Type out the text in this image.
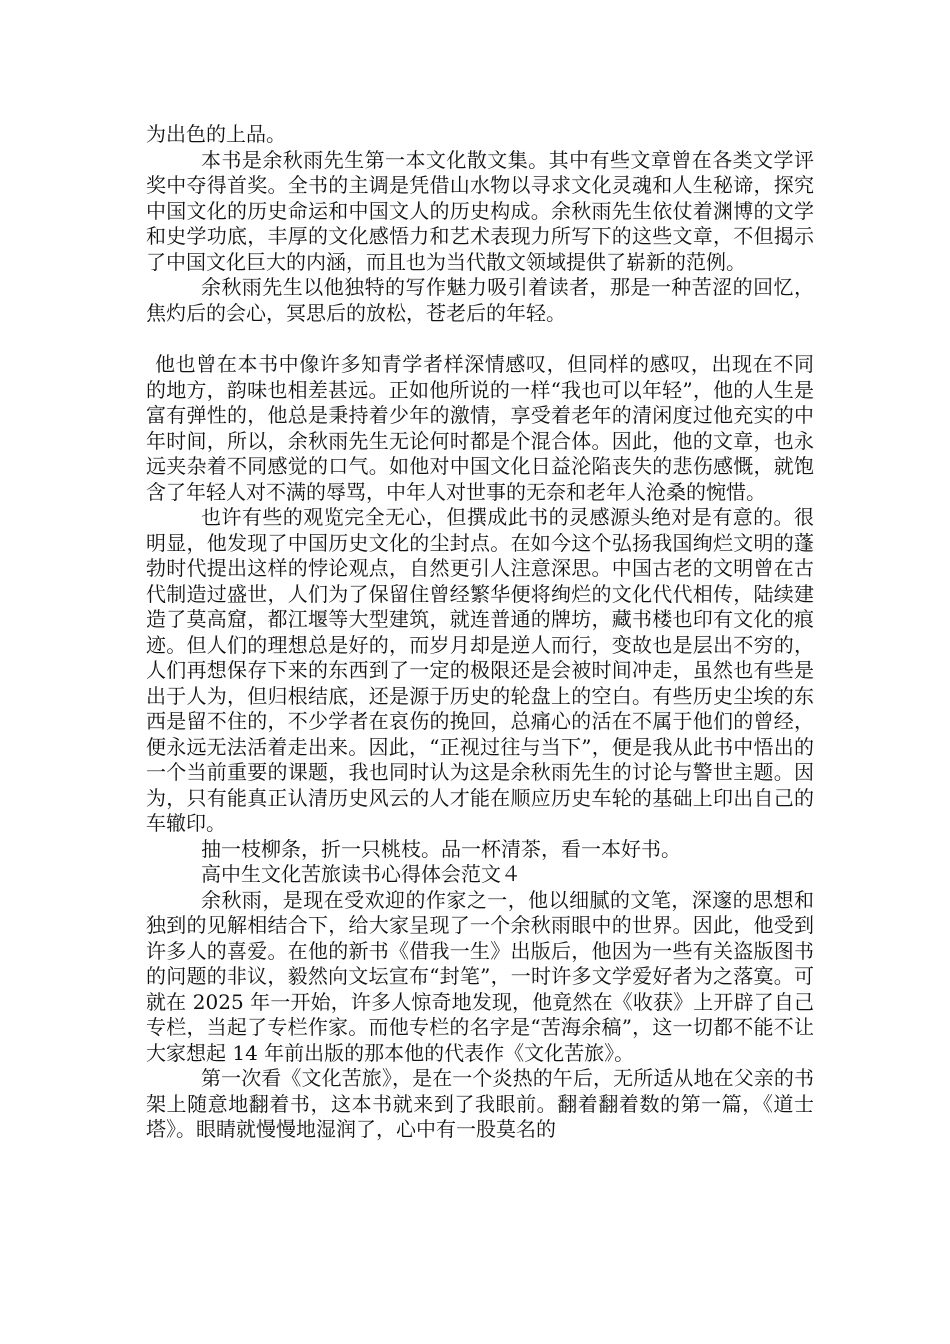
为出色的上品。

本书是余秋雨先生第一本文化散文集。其中有些文章曾在各类文学评奖中夺得首奖。全书的主调是凭借山水物以寻求文化灵魂和人生秘谛，探究中国文化的历史命运和中国文人的历史构成。余秋雨先生依仗着渊博的文学和史学功底，丰厚的文化感悟力和艺术表现力所写下的这些文章，不但揭示了中国文化巨大的内涵，而且也为当代散文领域提供了崭新的范例。

余秋雨先生以他独特的写作魅力吸引着读者，那是一种苦涩的回忆，焦灼后的会心，冥思后的放松，苍老后的年轻。

他也曾在本书中像许多知青学者样深情感叹，但同样的感叹，出现在不同的地方，韵味也相差甚远。正如他所说的一样“我也可以年轻”，他的人生是富有弹性的，他总是秉持着少年的激情，享受着老年的清闲度过他充实的中年时间，所以，余秋雨先生无论何时都是个混合体。因此，他的文章，也永远夹杂着不同感觉的口气。如他对中国文化日益沦陷丧失的悲伤感慨，就饱含了年轻人对不满的辱骂，中年人对世事的无奈和老年人沧桑的惋惜。

也许有些的观览完全无心，但撰成此书的灵感源头绝对是有意的。很明显，他发现了中国历史文化的尘封点。在如今这个弘扬我国绚烂文明的蓬勃时代提出这样的悖论观点，自然更引人注意深思。中国古老的文明曾在古代制造过盛世，人们为了保留住曾经繁华便将绚烂的文化代代相传，陆续建造了莫高窟，都江堰等大型建筑，就连普通的牌坊，藏书楼也印有文化的痕迹。但人们的理想总是好的，而岁月却是逆人而行，变故也是层出不穷的，人们再想保存下来的东西到了一定的极限还是会被时间冲走，虽然也有些是出于人为，但归根结底，还是源于历史的轮盘上的空白。有些历史尘埃的东西是留不住的，不少学者在哀伤的挽回，总痛心的活在不属于他们的曾经，便永远无法活着走出来。因此，“正视过往与当下”，便是我从此书中悟出的一个当前重要的课题，我也同时认为这是余秋雨先生的讨论与警世主题。因为，只有能真正认清历史风云的人才能在顺应历史车轮的基础上印出自己的车辙印。

抽一枝柳条，折一只桃枝。品一杯清茶，看一本好书。

高中生文化苦旅读书心得体会范文４

余秋雨，是现在受欢迎的作家之一，他以细腻的文笔，深邃的思想和独到的见解相结合下，给大家呈现了一个余秋雨眼中的世界。因此，他受到许多人的喜爱。在他的新书《借我一生》出版后，他因为一些有关盗版图书的问题的非议，毅然向文坛宣布“封笔”，一时许多文学爱好者为之落寞。可就在 2025 年一开始，许多人惊奇地发现，他竟然在《收获》上开辟了自己专栏，当起了专栏作家。而他专栏的名字是“苦海余稿”，这一切都不能不让大家想起 14 年前出版的那本他的代表作《文化苦旅》。

第一次看《文化苦旅》，是在一个炎热的午后，无所适从地在父亲的书架上随意地翻着书，这本书就来到了我眼前。翻着翻着数的第一篇，《道士塔》。眼睛就慢慢地湿润了，心中有一股莫名的
